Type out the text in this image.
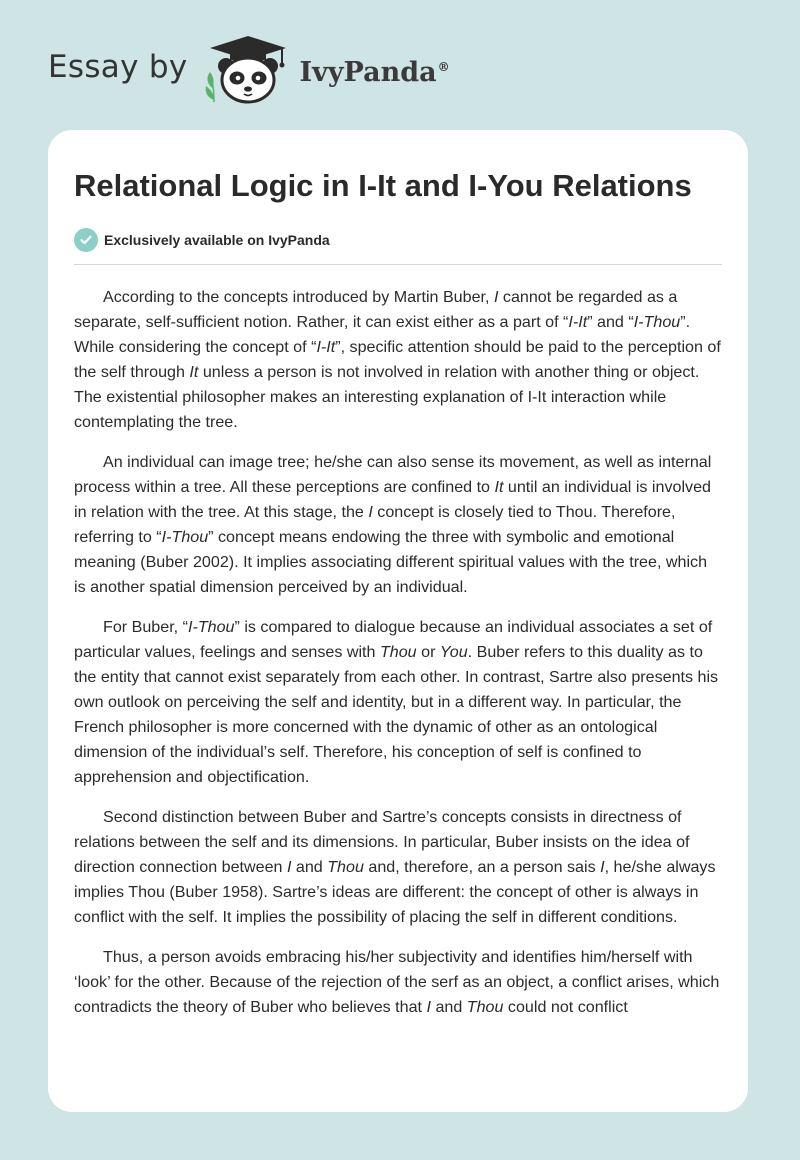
Essay by	IvyPanda®
Relational Logic in I-It and I-You Relations
Exclusively available on IvyPanda

According to the concepts introduced by Martin Buber, I cannot be regarded as a separate, self-sufficient notion. Rather, it can exist either as a part of “I-It” and “I-Thou”. While considering the concept of “I-It”, specific attention should be paid to the perception of the self through It unless a person is not involved in relation with another thing or object. The existential philosopher makes an interesting explanation of I-It interaction while contemplating the tree.

An individual can image tree; he/she can also sense its movement, as well as internal process within a tree. All these perceptions are confined to It until an individual is involved in relation with the tree. At this stage, the I concept is closely tied to Thou. Therefore, referring to “I-Thou” concept means endowing the three with symbolic and emotional meaning (Buber 2002). It implies associating different spiritual values with the tree, which is another spatial dimension perceived by an individual.

For Buber, “I-Thou” is compared to dialogue because an individual associates a set of particular values, feelings and senses with Thou or You. Buber refers to this duality as to the entity that cannot exist separately from each other. In contrast, Sartre also presents his own outlook on perceiving the self and identity, but in a different way. In particular, the French philosopher is more concerned with the dynamic of other as an ontological dimension of the individual’s self. Therefore, his conception of self is confined to apprehension and objectification.

Second distinction between Buber and Sartre’s concepts consists in directness of relations between the self and its dimensions. In particular, Buber insists on the idea of direction connection between I and Thou and, therefore, an a person sais I, he/she always implies Thou (Buber 1958). Sartre’s ideas are different: the concept of other is always in conflict with the self. It implies the possibility of placing the self in different conditions.

Thus, a person avoids embracing his/her subjectivity and identifies him/herself with ‘look’ for the other. Because of the rejection of the serf as an object, a conflict arises, which contradicts the theory of Buber who believes that I and Thou could not conflict
